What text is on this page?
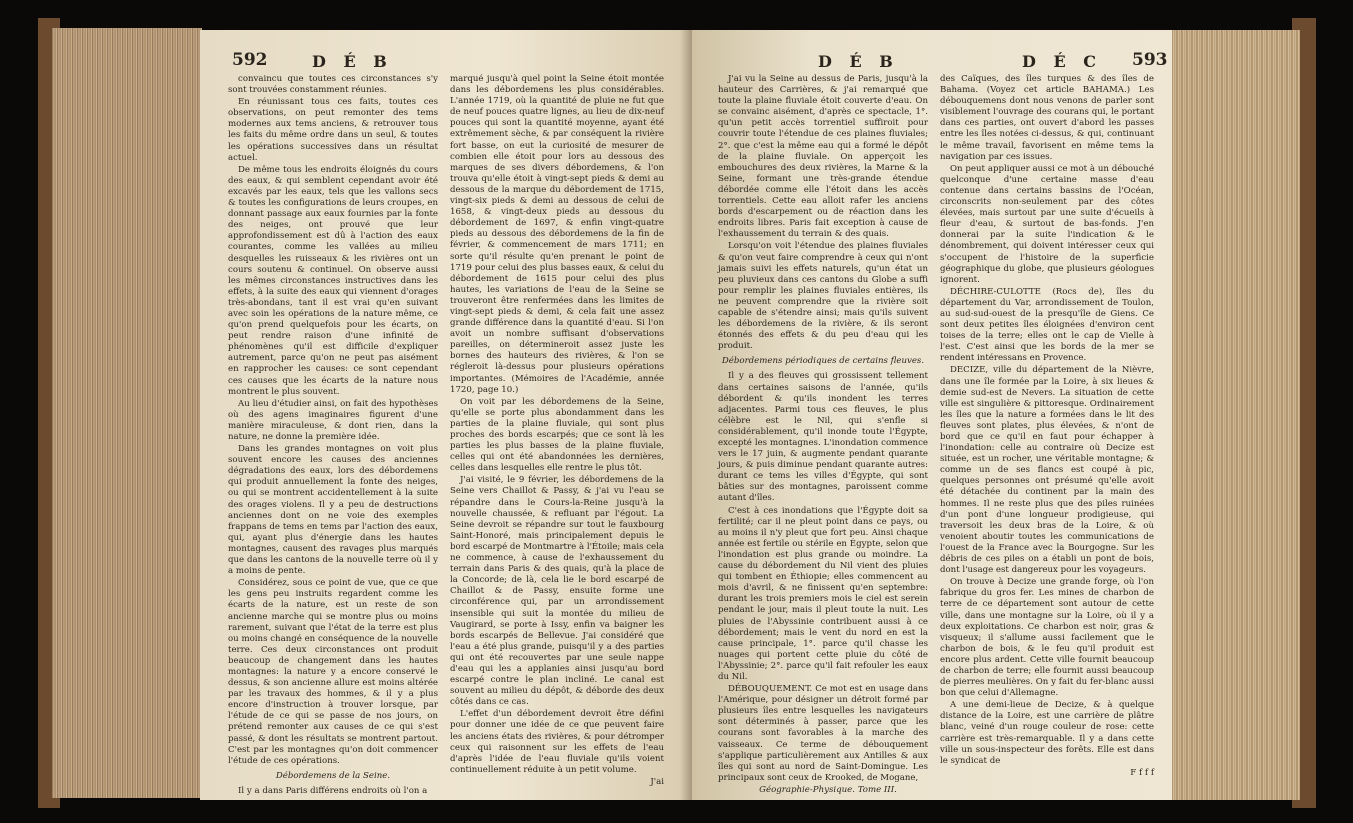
592	D É B

convaincu que toutes ces circonstances s'y sont trouvées constamment réunies.

En réunissant tous ces faits, toutes ces observations, on peut remonter des tems modernes aux tems anciens, & retrouver tous les faits du même ordre dans un seul, & toutes les opérations successives dans un résultat actuel.

De même tous les endroits éloignés du cours des eaux, & qui semblent cependant avoir été excavés par les eaux, tels que les vallons secs & toutes les configurations de leurs croupes, en donnant passage aux eaux fournies par la fonte des neiges, ont prouvé que leur approfondissement est dû à l'action des eaux courantes, comme les vallées au milieu desquelles les ruisseaux & les rivières ont un cours soutenu & continuel. On observe aussi les mêmes circonstances instructives dans les effets, à la suite des eaux qui viennent d'orages très-abondans, tant il est vrai qu'en suivant avec soin les opérations de la nature même, ce qu'on prend quelquefois pour les écarts, on peut rendre raison d'une infinité de phénomènes qu'il est difficile d'expliquer autrement, parce qu'on ne peut pas aisément en rapprocher les causes: ce sont cependant ces causes que les écarts de la nature nous montrent le plus souvent.

Au lieu d'étudier ainsi, on fait des hypothèses où des agens imaginaires figurent d'une manière miraculeuse, & dont rien, dans la nature, ne donne la première idée.

Dans les grandes montagnes on voit plus souvent encore les causes des anciennes dégradations des eaux, lors des débordemens qui produit annuellement la fonte des neiges, ou qui se montrent accidentellement à la suite des orages violens. Il y a peu de destructions anciennes dont on ne voie des exemples frappans de tems en tems par l'action des eaux, qui, ayant plus d'énergie dans les hautes montagnes, causent des ravages plus marqués que dans les cantons de la nouvelle terre où il y a moins de pente.

Considérez, sous ce point de vue, que ce que les gens peu instruits regardent comme les écarts de la nature, est un reste de son ancienne marche qui se montre plus ou moins rarement, suivant que l'état de la terre est plus ou moins changé en conséquence de la nouvelle terre. Ces deux circonstances ont produit beaucoup de changement dans les hautes montagnes: la nature y a encore conservé le dessus, & son ancienne allure est moins altérée par les travaux des hommes, & il y a plus encore d'instruction à trouver lorsque, par l'étude de ce qui se passe de nos jours, on prétend remonter aux causes de ce qui s'est passé, & dont les résultats se montrent partout. C'est par les montagnes qu'on doit commencer l'étude de ces opérations.

Débordemens de la Seine.

Il y a dans Paris différens endroits où l'on a

marqué jusqu'à quel point la Seine étoit montée dans les débordemens les plus considérables. L'année 1719, où la quantité de pluie ne fut que de neuf pouces quatre lignes, au lieu de dix-neuf pouces qui sont la quantité moyenne, ayant été extrêmement sèche, & par conséquent la rivière fort basse, on eut la curiosité de mesurer de combien elle étoit pour lors au dessous des marques de ses divers débordemens, & l'on trouva qu'elle étoit à vingt-sept pieds & demi au dessous de la marque du débordement de 1715, vingt-six pieds & demi au dessous de celui de 1658, & vingt-deux pieds au dessous du débordement de 1697, & enfin vingt-quatre pieds au dessous des débordemens de la fin de février, & commencement de mars 1711; en sorte qu'il résulte qu'en prenant le point de 1719 pour celui des plus basses eaux, & celui du débordement de 1615 pour celui des plus hautes, les variations de l'eau de la Seine se trouveront être renfermées dans les limites de vingt-sept pieds & demi, & cela fait une assez grande différence dans la quantité d'eau. Si l'on avoit un nombre suffisant d'observations pareilles, on détermineroit assez juste les bornes des hauteurs des rivières, & l'on se régleroit là-dessus pour plusieurs opérations importantes. (Mémoires de l'Académie, année 1720, page 10.)

On voit par les débordemens de la Seine, qu'elle se porte plus abondamment dans les parties de la plaine fluviale, qui sont plus proches des bords escarpés; que ce sont là les parties les plus basses de la plaine fluviale, celles qui ont été abandonnées les dernières, celles dans lesquelles elle rentre le plus tôt.

J'ai visité, le 9 février, les débordemens de la Seine vers Chaillot & Passy, & j'ai vu l'eau se répandre dans le Cours-la-Reine jusqu'à la nouvelle chaussée, & refluant par l'égout. La Seine devroit se répandre sur tout le fauxbourg Saint-Honoré, mais principalement depuis le bord escarpé de Montmartre à l'Étoile; mais cela ne commence, à cause de l'exhaussement du terrain dans Paris & des quais, qu'à la place de la Concorde; de là, cela lie le bord escarpé de Chaillot & de Passy, ensuite forme une circonférence qui, par un arrondissement insensible qui suit la montée du milieu de Vaugirard, se porte à Issy, enfin va baigner les bords escarpés de Bellevue. J'ai considéré que l'eau a été plus grande, puisqu'il y a des parties qui ont été recouvertes par une seule nappe d'eau qui les a applanies ainsi jusqu'au bord escarpé contre le plan incliné. Le canal est souvent au milieu du dépôt, & déborde des deux côtés dans ce cas.

L'effet d'un débordement devroit être défini pour donner une idée de ce que peuvent faire les anciens états des rivières, & pour détromper ceux qui raisonnent sur les effets de l'eau d'après l'idée de l'eau fluviale qu'ils voient continuellement réduite à un petit volume.

J'ai

D É B	D É C 593

J'ai vu la Seine au dessus de Paris, jusqu'à la hauteur des Carrières, & j'ai remarqué que toute la plaine fluviale étoit couverte d'eau. On se convainc aisément, d'après ce spectacle, 1°. qu'un petit accès torrentiel suffiroit pour couvrir toute l'étendue de ces plaines fluviales; 2°. que c'est la même eau qui a formé le dépôt de la plaine fluviale. On apperçoit les embouchures des deux rivières, la Marne & la Seine, formant une très-grande étendue débordée comme elle l'étoit dans les accès torrentiels. Cette eau alloit rafer les anciens bords d'escarpement ou de réaction dans les endroits libres. Paris fait exception à cause de l'exhaussement du terrain & des quais.

Lorsqu'on voit l'étendue des plaines fluviales & qu'on veut faire comprendre à ceux qui n'ont jamais suivi les effets naturels, qu'un état un peu pluvieux dans ces cantons du Globe a suffi pour remplir les plaines fluviales entières, ils ne peuvent comprendre que la rivière soit capable de s'étendre ainsi; mais qu'ils suivent les débordemens de la rivière, & ils seront étonnés des effets & du peu d'eau qui les produit.

Débordemens périodiques de certains fleuves.

Il y a des fleuves qui grossissent tellement dans certaines saisons de l'année, qu'ils débordent & qu'ils inondent les terres adjacentes. Parmi tous ces fleuves, le plus célèbre est le Nil, qui s'enfle si considérablement, qu'il inonde toute l'Égypte, excepté les montagnes. L'inondation commence vers le 17 juin, & augmente pendant quarante jours, & puis diminue pendant quarante autres: durant ce tems les villes d'Égypte, qui sont bâties sur des montagnes, paroissent comme autant d'îles.

C'est à ces inondations que l'Égypte doit sa fertilité; car il ne pleut point dans ce pays, ou au moins il n'y pleut que fort peu. Ainsi chaque année est fertile ou stérile en Égypte, selon que l'inondation est plus grande ou moindre. La cause du débordement du Nil vient des pluies qui tombent en Éthiopie; elles commencent au mois d'avril, & ne finissent qu'en septembre: durant les trois premiers mois le ciel est serein pendant le jour, mais il pleut toute la nuit. Les pluies de l'Abyssinie contribuent aussi à ce débordement; mais le vent du nord en est la cause principale, 1°. parce qu'il chasse les nuages qui portent cette pluie du côté de l'Abyssinie; 2°. parce qu'il fait refouler les eaux du Nil.

DÉBOUQUEMENT. Ce mot est en usage dans l'Amérique, pour désigner un détroit formé par plusieurs îles entre lesquelles les navigateurs sont déterminés à passer, parce que les courans sont favorables à la marche des vaisseaux. Ce terme de débouquement s'applique particulièrement aux Antilles & aux îles qui sont au nord de Saint-Domingue. Les principaux sont ceux de Krooked, de Mogane,

Géographie-Physique. Tome III.

des Caïques, des îles turques & des îles de Bahama. (Voyez cet article BAHAMA.) Les débouquemens dont nous venons de parler sont visiblement l'ouvrage des courans qui, le portant dans ces parties, ont ouvert d'abord les passes entre les îles notées ci-dessus, & qui, continuant le même travail, favorisent en même tems la navigation par ces issues.

On peut appliquer aussi ce mot à un débouché quelconque d'une certaine masse d'eau contenue dans certains bassins de l'Océan, circonscrits non-seulement par des côtes élevées, mais surtout par une suite d'écueils à fleur d'eau, & surtout de bas-fonds. J'en donnerai par la suite l'indication & le dénombrement, qui doivent intéresser ceux qui s'occupent de l'histoire de la superficie géographique du globe, que plusieurs géologues ignorent.

DÉCHIRE-CULOTTE (Rocs de), îles du département du Var, arrondissement de Toulon, au sud-sud-ouest de la presqu'île de Giens. Ce sont deux petites îles éloignées d'environ cent toises de la terre; elles ont le cap de Vielle à l'est. C'est ainsi que les bords de la mer se rendent intéressans en Provence.

DECIZE, ville du département de la Nièvre, dans une île formée par la Loire, à six lieues & demie sud-est de Nevers. La situation de cette ville est singulière & pittoresque. Ordinairement les îles que la nature a formées dans le lit des fleuves sont plates, plus élevées, & n'ont de bord que ce qu'il en faut pour échapper à l'inondation: celle au contraire où Decize est située, est un rocher, une véritable montagne; & comme un de ses flancs est coupé à pic, quelques personnes ont présumé qu'elle avoit été détachée du continent par la main des hommes. Il ne reste plus que des piles ruinées d'un pont d'une longueur prodigieuse, qui traversoit les deux bras de la Loire, & où venoient aboutir toutes les communications de l'ouest de la France avec la Bourgogne. Sur les débris de ces piles on a établi un pont de bois, dont l'usage est dangereux pour les voyageurs.

On trouve à Decize une grande forge, où l'on fabrique du gros fer. Les mines de charbon de terre de ce département sont autour de cette ville, dans une montagne sur la Loire, où il y a deux exploitations. Ce charbon est noir, gras & visqueux; il s'allume aussi facilement que le charbon de bois, & le feu qu'il produit est encore plus ardent. Cette ville fournit beaucoup de charbon de terre; elle fournit aussi beaucoup de pierres meulières. On y fait du fer-blanc aussi bon que celui d'Allemagne.

A une demi-lieue de Decize, & à quelque distance de la Loire, est une carrière de plâtre blanc, veiné d'un rouge couleur de rose: cette carrière est très-remarquable. Il y a dans cette ville un sous-inspecteur des forêts. Elle est dans le syndicat de

F f f f
